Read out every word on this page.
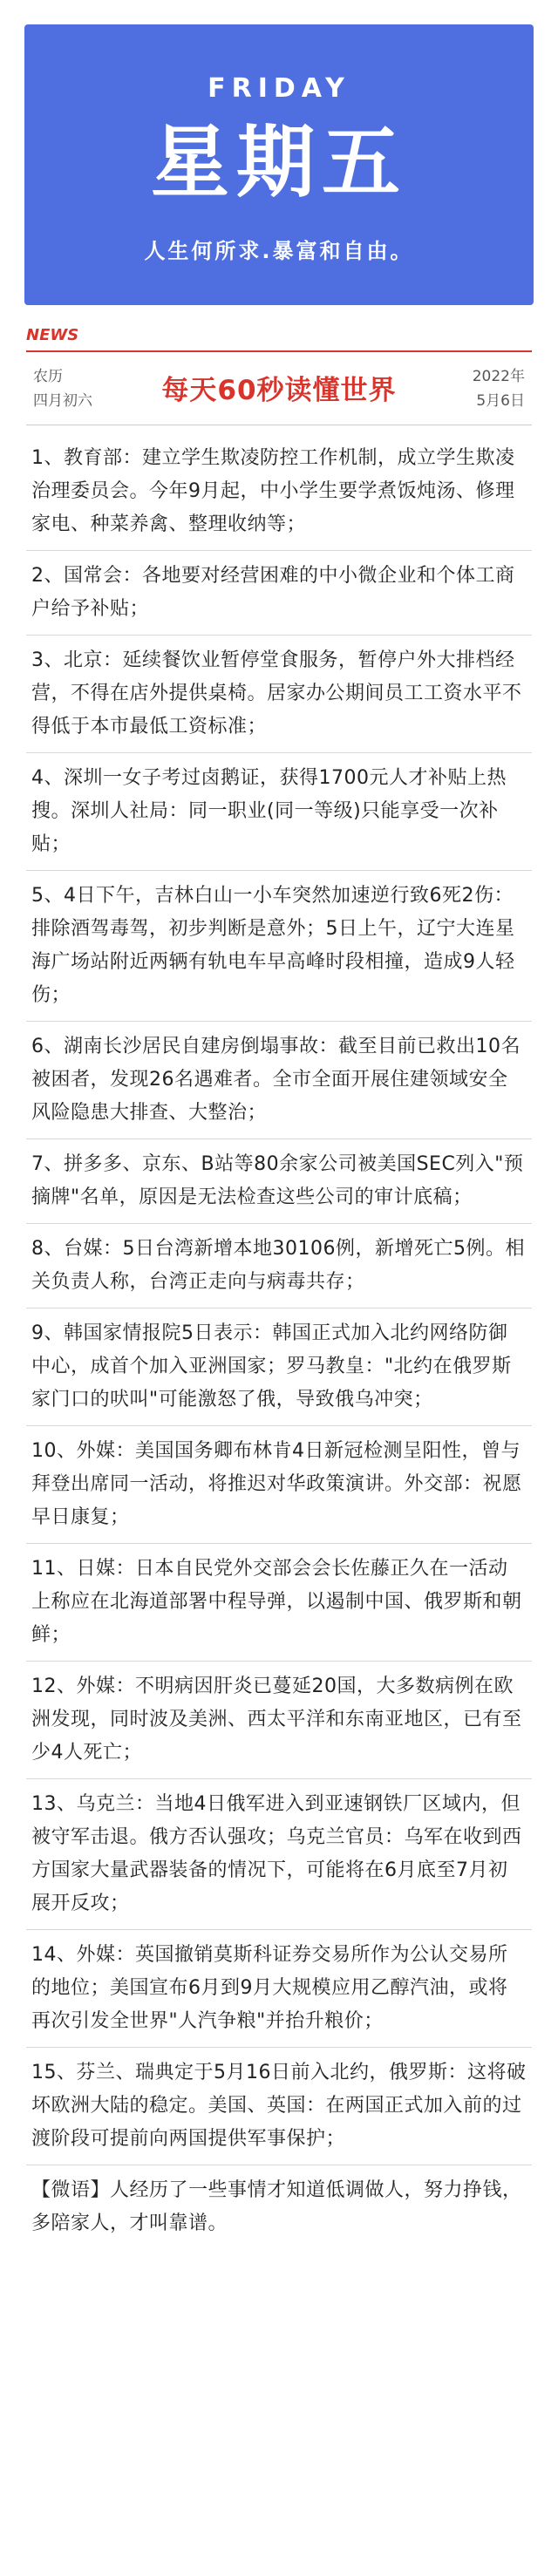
FRIDAY
星期五
人生何所求.暴富和自由。
NEWS
农历
四月初六	每天60秒读懂世界	2022年
5月6日
1、教育部：建立学生欺凌防控工作机制，成立学生欺凌治理委员会。今年9月起，中小学生要学煮饭炖汤、修理家电、种菜养禽、整理收纳等；
2、国常会：各地要对经营困难的中小微企业和个体工商户给予补贴；
3、北京：延续餐饮业暂停堂食服务，暂停户外大排档经营，不得在店外提供桌椅。居家办公期间员工工资水平不得低于本市最低工资标准；
4、深圳一女子考过卤鹅证，获得1700元人才补贴上热搜。深圳人社局：同一职业(同一等级)只能享受一次补贴；
5、4日下午，吉林白山一小车突然加速逆行致6死2伤：排除酒驾毒驾，初步判断是意外；5日上午，辽宁大连星海广场站附近两辆有轨电车早高峰时段相撞，造成9人轻伤；
6、湖南长沙居民自建房倒塌事故：截至目前已救出10名被困者，发现26名遇难者。全市全面开展住建领域安全风险隐患大排查、大整治；
7、拼多多、京东、B站等80余家公司被美国SEC列入"预摘牌"名单，原因是无法检查这些公司的审计底稿；
8、台媒：5日台湾新增本地30106例，新增死亡5例。相关负责人称，台湾正走向与病毒共存；
9、韩国家情报院5日表示：韩国正式加入北约网络防御中心，成首个加入亚洲国家；罗马教皇："北约在俄罗斯家门口的吠叫"可能激怒了俄，导致俄乌冲突；
10、外媒：美国国务卿布林肯4日新冠检测呈阳性，曾与拜登出席同一活动，将推迟对华政策演讲。外交部：祝愿早日康复；
11、日媒：日本自民党外交部会会长佐藤正久在一活动上称应在北海道部署中程导弹，以遏制中国、俄罗斯和朝鲜；
12、外媒：不明病因肝炎已蔓延20国，大多数病例在欧洲发现，同时波及美洲、西太平洋和东南亚地区，已有至少4人死亡；
13、乌克兰：当地4日俄军进入到亚速钢铁厂区域内，但被守军击退。俄方否认强攻；乌克兰官员：乌军在收到西方国家大量武器装备的情况下，可能将在6月底至7月初展开反攻；
14、外媒：英国撤销莫斯科证券交易所作为公认交易所的地位；美国宣布6月到9月大规模应用乙醇汽油，或将再次引发全世界"人汽争粮"并抬升粮价；
15、芬兰、瑞典定于5月16日前入北约，俄罗斯：这将破坏欧洲大陆的稳定。美国、英国：在两国正式加入前的过渡阶段可提前向两国提供军事保护；
【微语】人经历了一些事情才知道低调做人，努力挣钱，多陪家人，才叫靠谱。
